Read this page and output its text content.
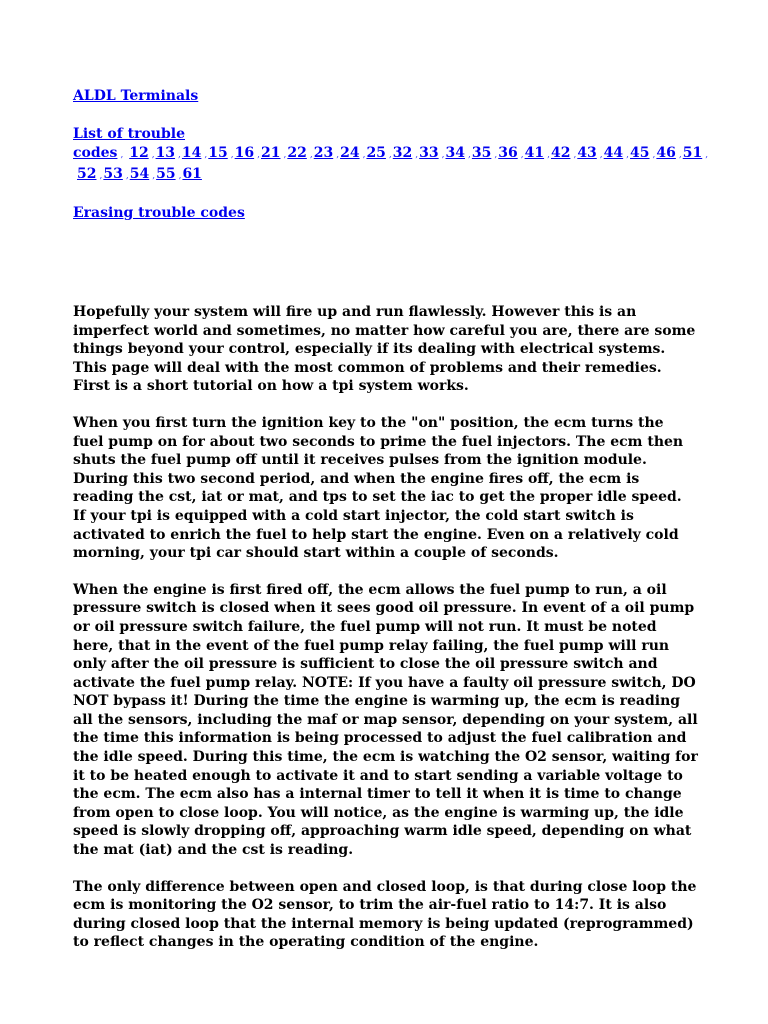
ALDL Terminals
List of trouble

codes , 12 ,13 ,14 ,15 ,16 ,21 ,22 ,23 ,24 ,25 ,32 ,33 ,34 ,35 ,36 ,41 ,42 ,43 ,44 ,45 ,46 ,51 ,
52 ,53 ,54 ,55 ,61
Erasing trouble codes

Hopefully your system will fire up and run flawlessly. However this is an imperfect world and sometimes, no matter how careful you are, there are some things beyond your control, especially if its dealing with electrical systems. This page will deal with the most common of problems and their remedies. First is a short tutorial on how a tpi system works.

When you first turn the ignition key to the "on" position, the ecm turns the fuel pump on for about two seconds to prime the fuel injectors. The ecm then shuts the fuel pump off until it receives pulses from the ignition module. During this two second period, and when the engine fires off, the ecm is reading the cst, iat or mat, and tps to set the iac to get the proper idle speed. If your tpi is equipped with a cold start injector, the cold start switch is activated to enrich the fuel to help start the engine. Even on a relatively cold morning, your tpi car should start within a couple of seconds.

When the engine is first fired off, the ecm allows the fuel pump to run, a oil pressure switch is closed when it sees good oil pressure. In event of a oil pump or oil pressure switch failure, the fuel pump will not run. It must be noted here, that in the event of the fuel pump relay failing, the fuel pump will run only after the oil pressure is sufficient to close the oil pressure switch and activate the fuel pump relay. NOTE: If you have a faulty oil pressure switch, DO NOT bypass it! During the time the engine is warming up, the ecm is reading all the sensors, including the maf or map sensor, depending on your system, all the time this information is being processed to adjust the fuel calibration and the idle speed. During this time, the ecm is watching the O2 sensor, waiting for it to be heated enough to activate it and to start sending a variable voltage to the ecm. The ecm also has a internal timer to tell it when it is time to change from open to close loop. You will notice, as the engine is warming up, the idle speed is slowly dropping off, approaching warm idle speed, depending on what the mat (iat) and the cst is reading.

The only difference between open and closed loop, is that during close loop the ecm is monitoring the O2 sensor, to trim the air-fuel ratio to 14:7. It is also during closed loop that the internal memory is being updated (reprogrammed) to reflect changes in the operating condition of the engine.
